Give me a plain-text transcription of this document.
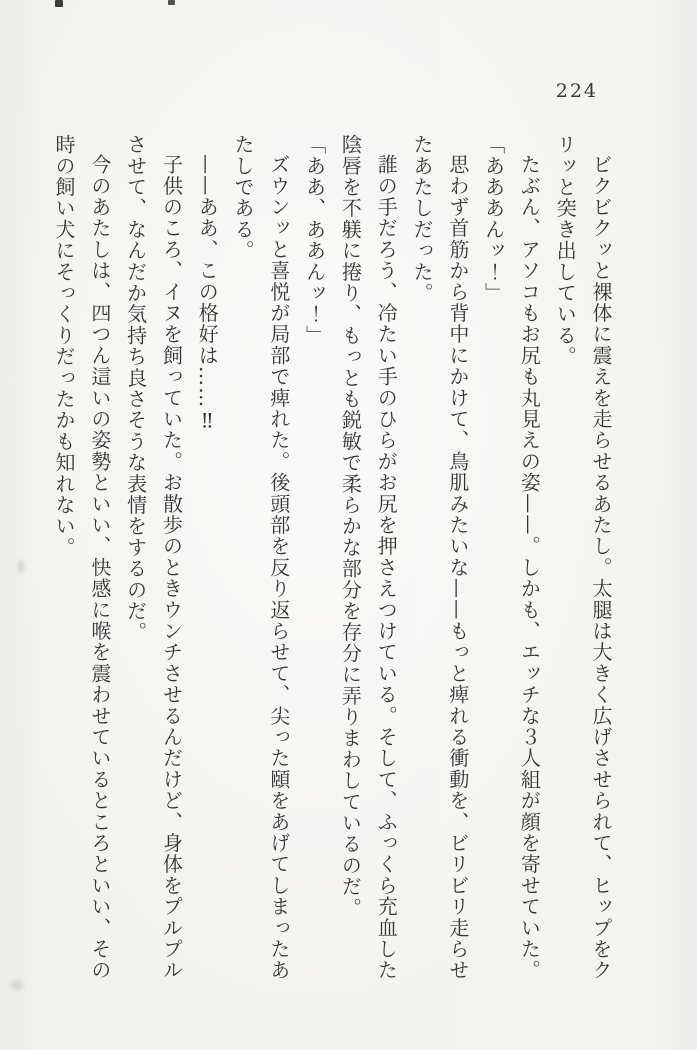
224
ビクビクッと裸体に震えを走らせるあたし。太腿は大きく広げさせられて、ヒップをク
リッと突き出している。
たぶん、アソコもお尻も丸見えの姿——。しかも、エッチな３人組が顔を寄せていた。
「あああんッ！」
思わず首筋から背中にかけて、鳥肌みたいな——もっと痺れる衝動を、ビリビリ走らせ
たあたしだった。
誰の手だろう、冷たい手のひらがお尻を押さえつけている。そして、ふっくら充血した
陰唇を不躾に捲り、もっとも鋭敏で柔らかな部分を存分に弄りまわしているのだ。
「ああ、ああんッ！」
ズウンッと喜悦が局部で痺れた。後頭部を反り返らせて、尖った頤をあげてしまったあ
たしである。
——ああ、この格好は……‼
子供のころ、イヌを飼っていた。お散歩のときウンチさせるんだけど、身体をプルプル
させて、なんだか気持ち良さそうな表情をするのだ。
今のあたしは、四つん這いの姿勢といい、快感に喉を震わせているところといい、その
時の飼い犬にそっくりだったかも知れない。
